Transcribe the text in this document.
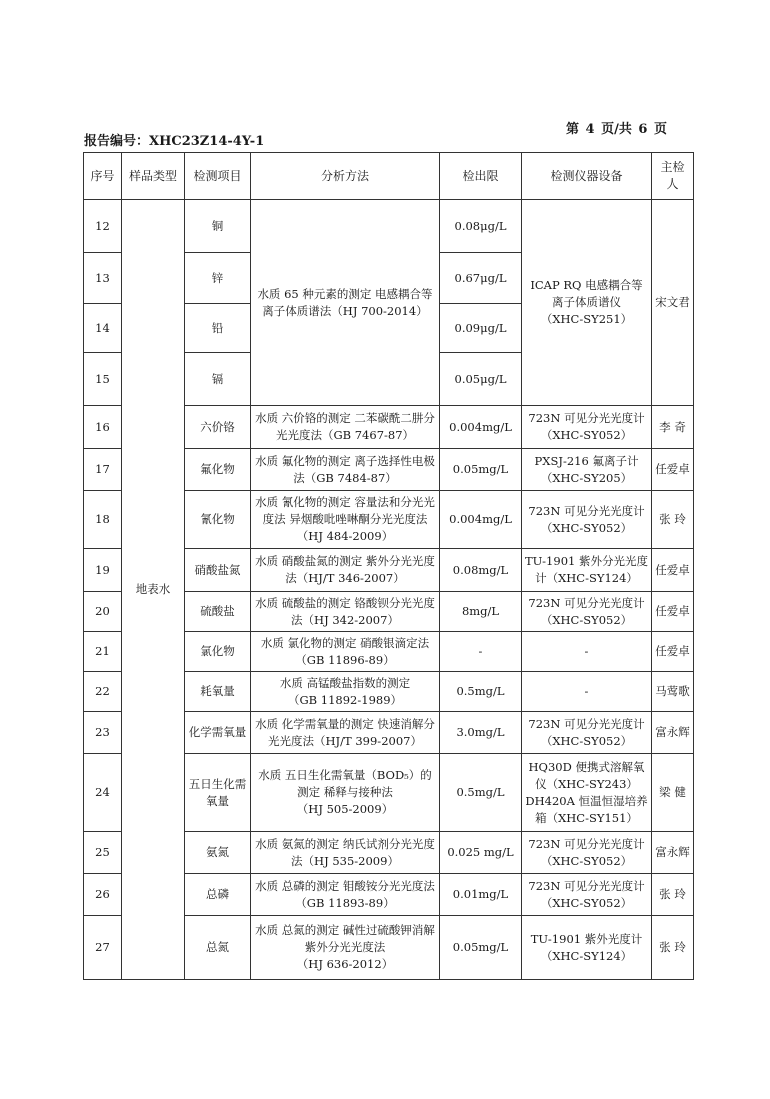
报告编号：XHC23Z14-4Y-1
第 4 页/共 6 页
序号	样品类型	检测项目	分析方法	检出限	检测仪器设备	主检人
12	地表水	铜	水质 65 种元素的测定 电感耦合等离子体质谱法（HJ 700-2014）	0.08μg/L	ICAP RQ 电感耦合等离子体质谱仪
（XHC-SY251）	宋文君
13		锌		0.67μg/L		
14		铅		0.09μg/L		
15		镉		0.05μg/L		
16		六价铬	水质 六价铬的测定 二苯碳酰二肼分光光度法（GB 7467-87）	0.004mg/L	723N 可见分光光度计
（XHC-SY052）	李 奇
17		氟化物	水质 氟化物的测定 离子选择性电极法（GB 7484-87）	0.05mg/L	PXSJ-216 氟离子计
（XHC-SY205）	任爱卓
18		氰化物	水质 氰化物的测定 容量法和分光光度法 异烟酸吡唑啉酮分光光度法（HJ 484-2009）	0.004mg/L	723N 可见分光光度计
（XHC-SY052）	张 玲
19		硝酸盐氮	水质 硝酸盐氮的测定 紫外分光光度法（HJ/T 346-2007）	0.08mg/L	TU-1901 紫外分光光度计（XHC-SY124）	任爱卓
20		硫酸盐	水质 硫酸盐的测定 铬酸钡分光光度法（HJ 342-2007）	8mg/L	723N 可见分光光度计
（XHC-SY052）	任爱卓
21		氯化物	水质 氯化物的测定 硝酸银滴定法（GB 11896-89）	-	-	任爱卓
22		耗氧量	水质 高锰酸盐指数的测定
（GB 11892-1989）	0.5mg/L	-	马莺歌
23		化学需氧量	水质 化学需氧量的测定 快速消解分光光度法（HJ/T 399-2007）	3.0mg/L	723N 可见分光光度计
（XHC-SY052）	富永辉
24		五日生化需氧量	水质 五日生化需氧量（BOD₅）的测定 稀释与接种法
（HJ 505-2009）	0.5mg/L	HQ30D 便携式溶解氧仪（XHC-SY243）
DH420A 恒温恒湿培养箱（XHC-SY151）	梁 健
25		氨氮	水质 氨氮的测定 纳氏试剂分光光度法（HJ 535-2009）	0.025 mg/L	723N 可见分光光度计
（XHC-SY052）	富永辉
26		总磷	水质 总磷的测定 钼酸铵分光光度法（GB 11893-89）	0.01mg/L	723N 可见分光光度计
（XHC-SY052）	张 玲
27		总氮	水质 总氮的测定 碱性过硫酸钾消解紫外分光光度法
（HJ 636-2012）	0.05mg/L	TU-1901 紫外光度计
（XHC-SY124）	张 玲
